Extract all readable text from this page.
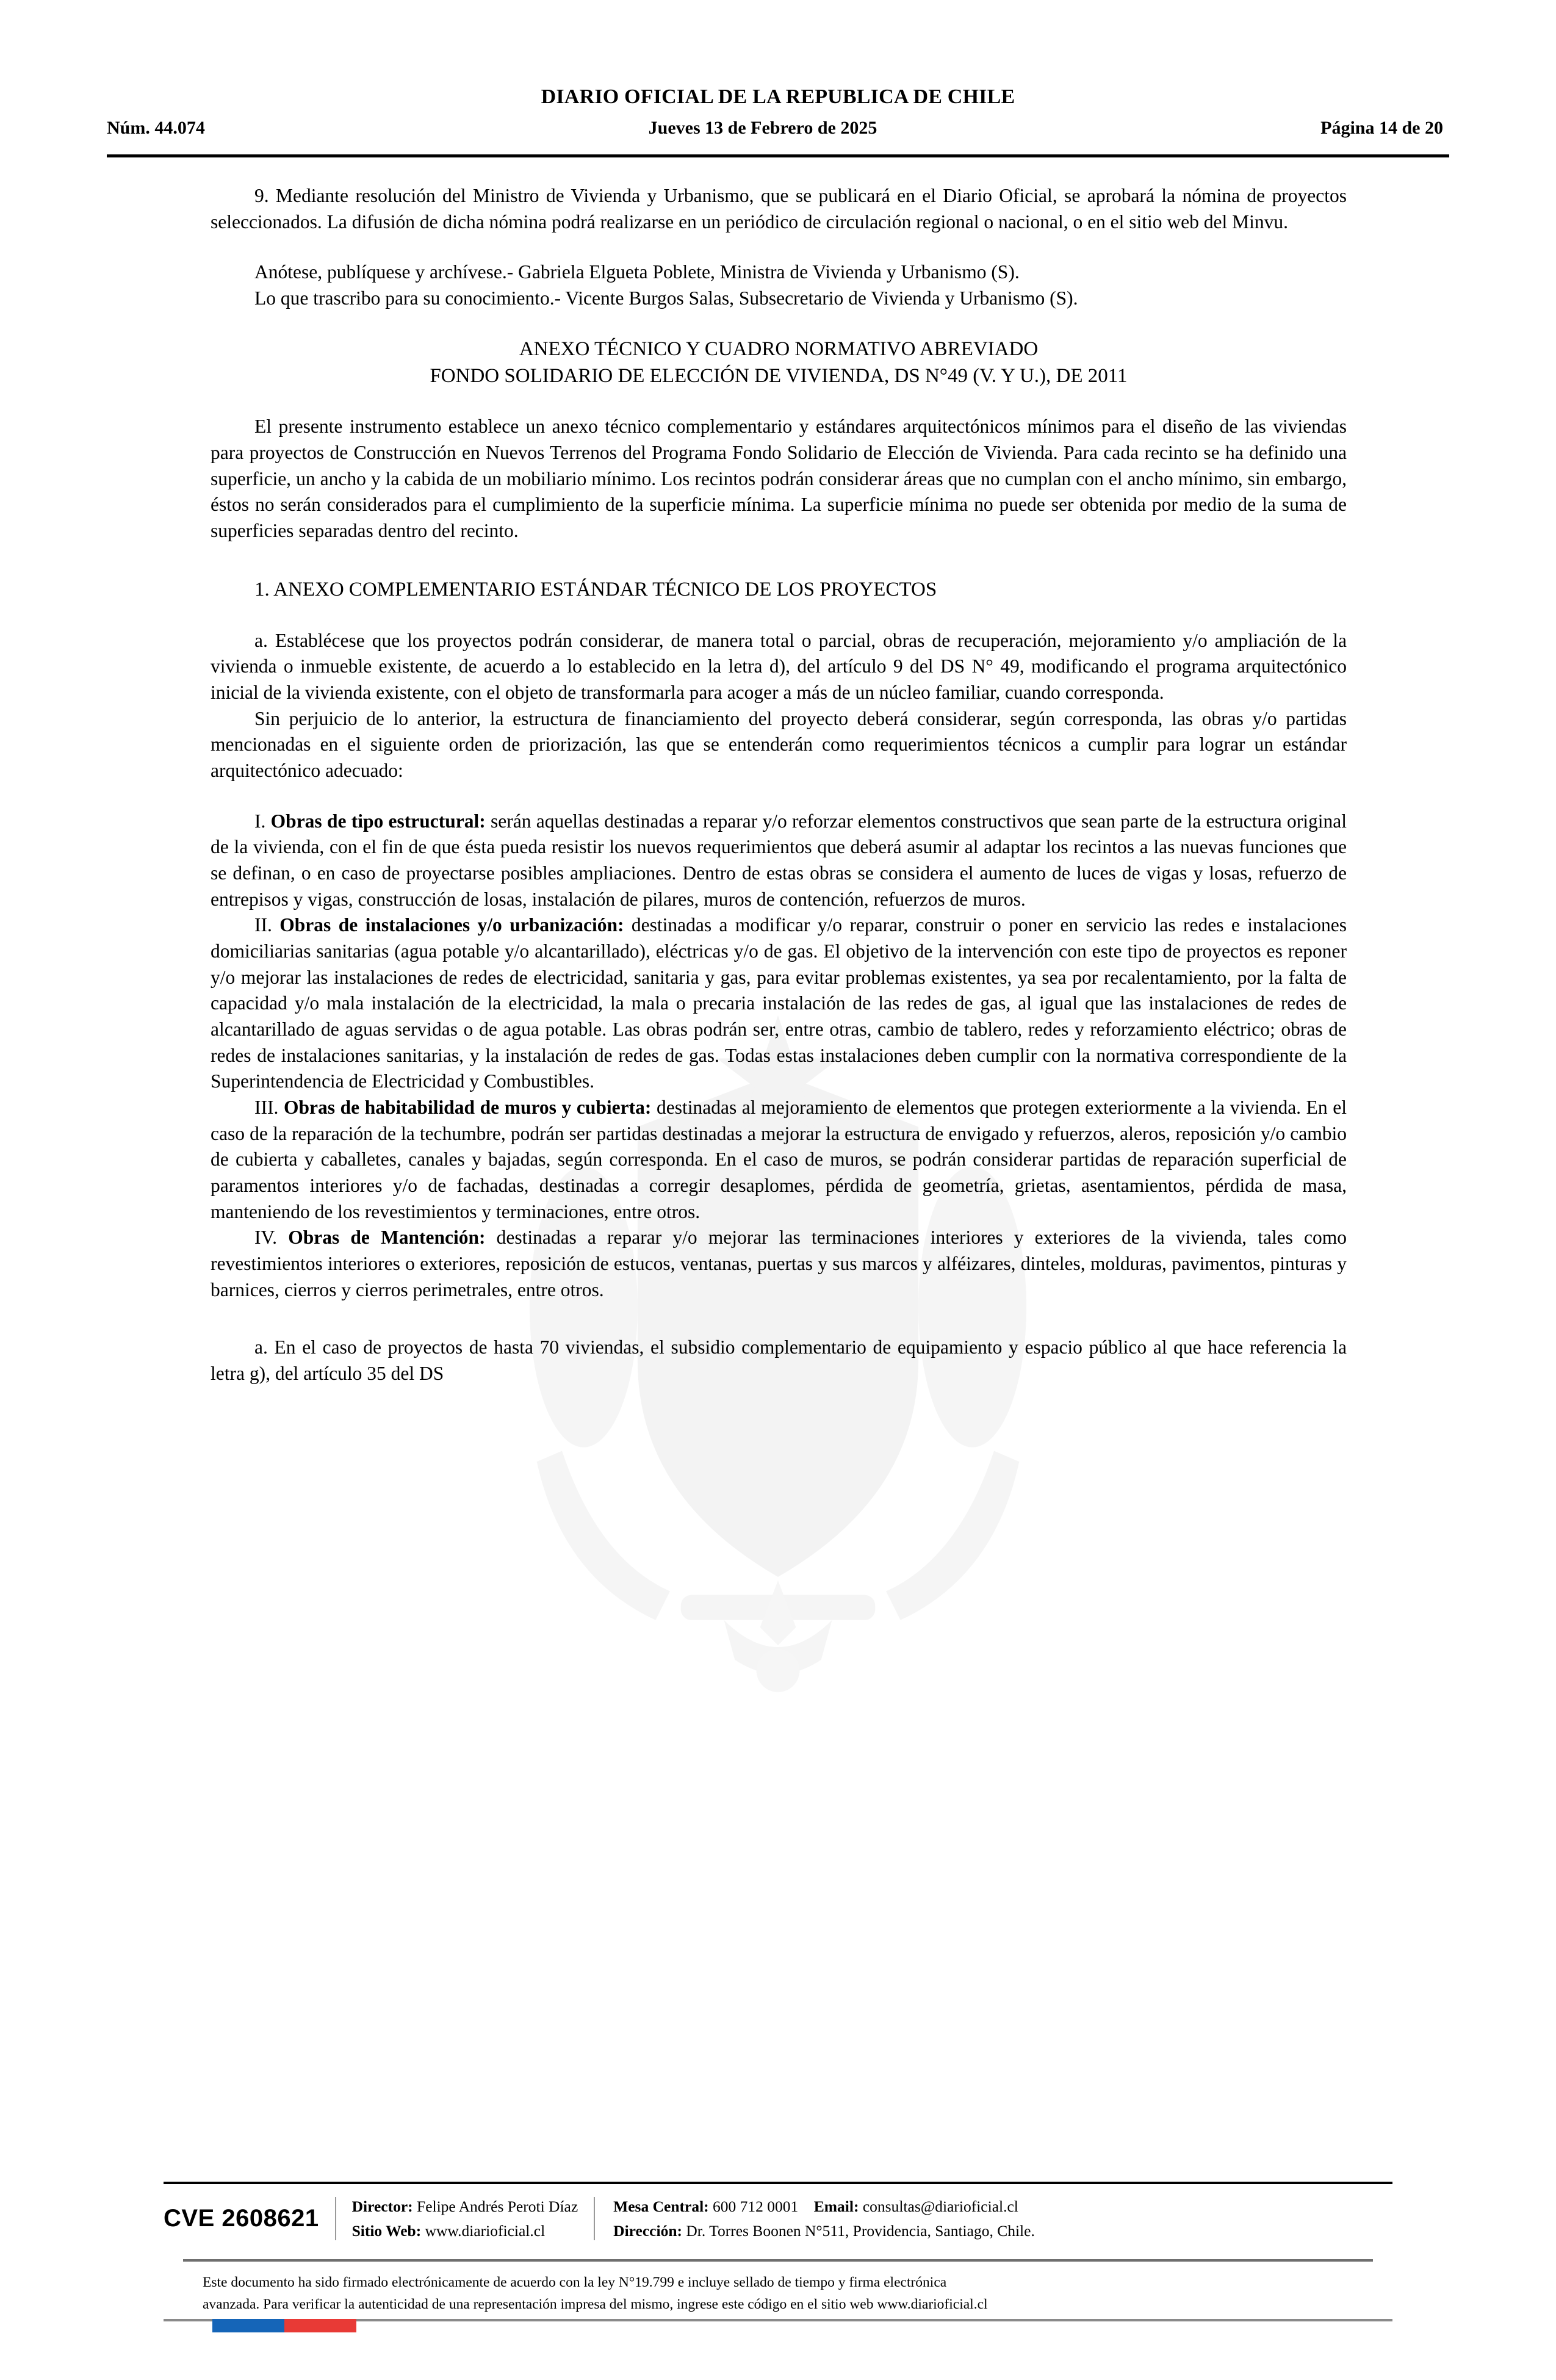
DIARIO OFICIAL DE LA REPUBLICA DE CHILE
Núm. 44.074	Jueves 13 de Febrero de 2025	Página 14 de 20

9. Mediante resolución del Ministro de Vivienda y Urbanismo, que se publicará en el Diario Oficial, se aprobará la nómina de proyectos seleccionados. La difusión de dicha nómina podrá realizarse en un periódico de circulación regional o nacional, o en el sitio web del Minvu.

Anótese, publíquese y archívese.- Gabriela Elgueta Poblete, Ministra de Vivienda y Urbanismo (S).

Lo que trascribo para su conocimiento.- Vicente Burgos Salas, Subsecretario de Vivienda y Urbanismo (S).

ANEXO TÉCNICO Y CUADRO NORMATIVO ABREVIADO
FONDO SOLIDARIO DE ELECCIÓN DE VIVIENDA, DS N°49 (V. Y U.), DE 2011

El presente instrumento establece un anexo técnico complementario y estándares arquitectónicos mínimos para el diseño de las viviendas para proyectos de Construcción en Nuevos Terrenos del Programa Fondo Solidario de Elección de Vivienda. Para cada recinto se ha definido una superficie, un ancho y la cabida de un mobiliario mínimo. Los recintos podrán considerar áreas que no cumplan con el ancho mínimo, sin embargo, éstos no serán considerados para el cumplimiento de la superficie mínima. La superficie mínima no puede ser obtenida por medio de la suma de superficies separadas dentro del recinto.

1. ANEXO COMPLEMENTARIO ESTÁNDAR TÉCNICO DE LOS PROYECTOS

a. Establécese que los proyectos podrán considerar, de manera total o parcial, obras de recuperación, mejoramiento y/o ampliación de la vivienda o inmueble existente, de acuerdo a lo establecido en la letra d), del artículo 9 del DS N° 49, modificando el programa arquitectónico inicial de la vivienda existente, con el objeto de transformarla para acoger a más de un núcleo familiar, cuando corresponda.

Sin perjuicio de lo anterior, la estructura de financiamiento del proyecto deberá considerar, según corresponda, las obras y/o partidas mencionadas en el siguiente orden de priorización, las que se entenderán como requerimientos técnicos a cumplir para lograr un estándar arquitectónico adecuado:

I. Obras de tipo estructural: serán aquellas destinadas a reparar y/o reforzar elementos constructivos que sean parte de la estructura original de la vivienda, con el fin de que ésta pueda resistir los nuevos requerimientos que deberá asumir al adaptar los recintos a las nuevas funciones que se definan, o en caso de proyectarse posibles ampliaciones. Dentro de estas obras se considera el aumento de luces de vigas y losas, refuerzo de entrepisos y vigas, construcción de losas, instalación de pilares, muros de contención, refuerzos de muros.

II. Obras de instalaciones y/o urbanización: destinadas a modificar y/o reparar, construir o poner en servicio las redes e instalaciones domiciliarias sanitarias (agua potable y/o alcantarillado), eléctricas y/o de gas. El objetivo de la intervención con este tipo de proyectos es reponer y/o mejorar las instalaciones de redes de electricidad, sanitaria y gas, para evitar problemas existentes, ya sea por recalentamiento, por la falta de capacidad y/o mala instalación de la electricidad, la mala o precaria instalación de las redes de gas, al igual que las instalaciones de redes de alcantarillado de aguas servidas o de agua potable. Las obras podrán ser, entre otras, cambio de tablero, redes y reforzamiento eléctrico; obras de redes de instalaciones sanitarias, y la instalación de redes de gas. Todas estas instalaciones deben cumplir con la normativa correspondiente de la Superintendencia de Electricidad y Combustibles.

III. Obras de habitabilidad de muros y cubierta: destinadas al mejoramiento de elementos que protegen exteriormente a la vivienda. En el caso de la reparación de la techumbre, podrán ser partidas destinadas a mejorar la estructura de envigado y refuerzos, aleros, reposición y/o cambio de cubierta y caballetes, canales y bajadas, según corresponda. En el caso de muros, se podrán considerar partidas de reparación superficial de paramentos interiores y/o de fachadas, destinadas a corregir desaplomes, pérdida de geometría, grietas, asentamientos, pérdida de masa, manteniendo de los revestimientos y terminaciones, entre otros.

IV. Obras de Mantención: destinadas a reparar y/o mejorar las terminaciones interiores y exteriores de la vivienda, tales como revestimientos interiores o exteriores, reposición de estucos, ventanas, puertas y sus marcos y alféizares, dinteles, molduras, pavimentos, pinturas y barnices, cierros y cierros perimetrales, entre otros.

a. En el caso de proyectos de hasta 70 viviendas, el subsidio complementario de equipamiento y espacio público al que hace referencia la letra g), del artículo 35 del DS

CVE 2608621	Director: Felipe Andrés Peroti Díaz
Sitio Web: www.diarioficial.cl
Mesa Central: 600 712 0001 Email: consultas@diarioficial.cl
Dirección: Dr. Torres Boonen N°511, Providencia, Santiago, Chile.
Este documento ha sido firmado electrónicamente de acuerdo con la ley N°19.799 e incluye sellado de tiempo y firma electrónica
avanzada. Para verificar la autenticidad de una representación impresa del mismo, ingrese este código en el sitio web www.diarioficial.cl
